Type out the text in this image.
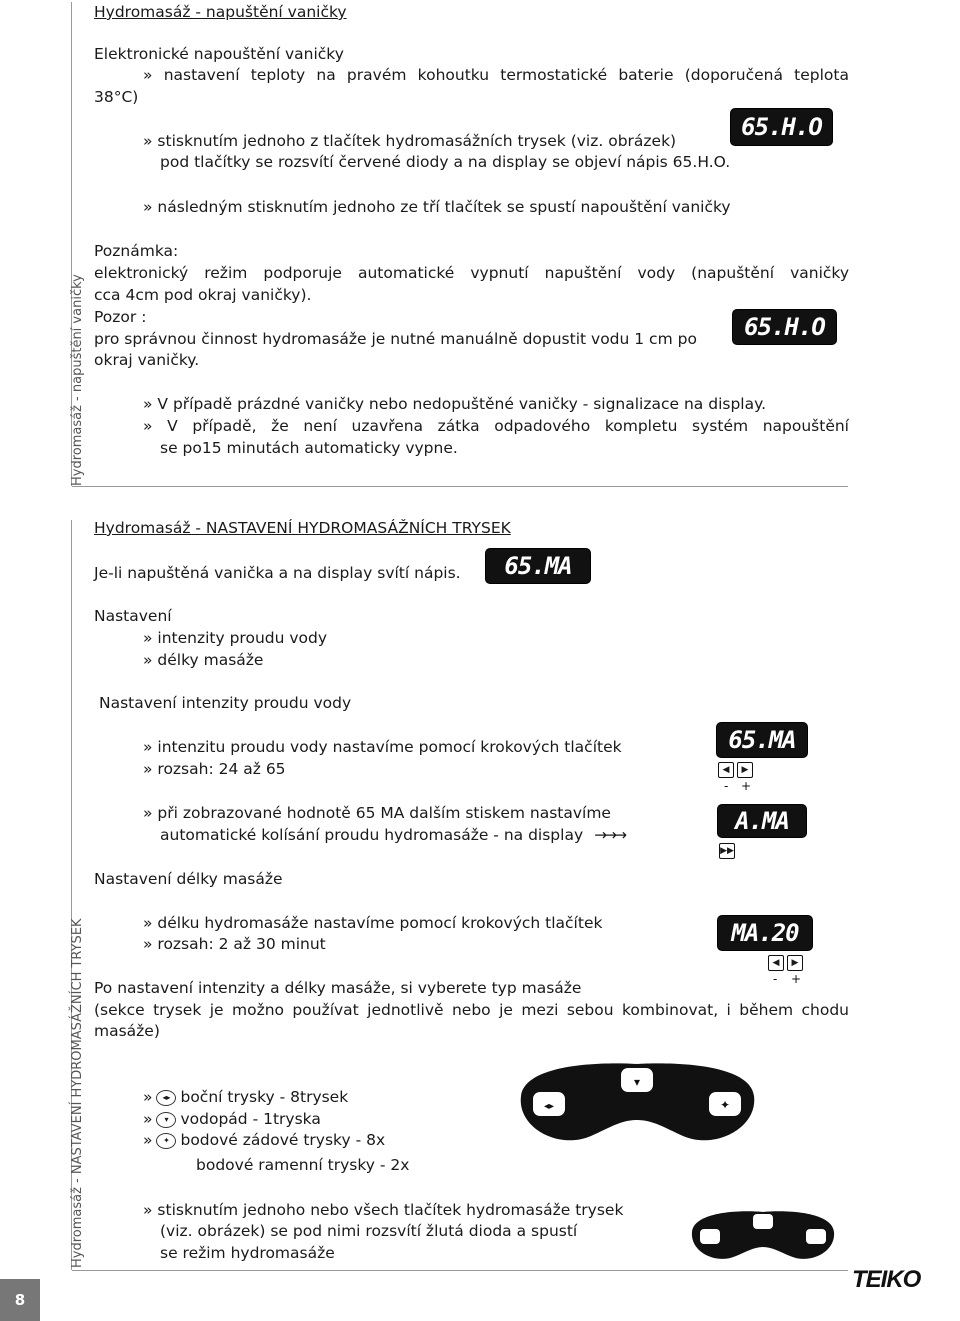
Hydromasáž - napuštění vaničky
Hydromasáž - NASTAVENÍ HYDROMASÁŽNÍCH TRYSEK
Hydromasáž - napuštění vaničky
Elektronické napouštění vaničky
» nastavení teploty na pravém kohoutku termostatické baterie (doporučená teplota
38°C)
» stisknutím jednoho z tlačítek hydromasážních trysek (viz. obrázek)
pod tlačítky se rozsvítí červené diody a na display se objeví nápis 65.H.O.
65.H.O
» následným stisknutím jednoho ze tří tlačítek se spustí napouštění vaničky
Poznámka:
elektronický režim podporuje automatické vypnutí napuštění vody (napuštění vaničky
cca 4cm pod okraj vaničky).
Pozor :
pro správnou činnost hydromasáže je nutné manuálně dopustit vodu 1 cm po
okraj vaničky.
65.H.O
» V případě prázdné vaničky nebo nedopuštěné vaničky - signalizace na display.
» V případě, že není uzavřena zátka odpadového kompletu systém napouštění
se po15 minutách automaticky vypne.
Hydromasáž - NASTAVENÍ HYDROMASÁŽNÍCH TRYSEK
Je-li napuštěná vanička a na display svítí nápis.	65.MA
Nastavení
» intenzity proudu vody
» délky masáže
Nastavení intenzity proudu vody
» intenzitu proudu vody nastavíme pomocí krokových tlačítek
» rozsah: 24 až 65
» při zobrazované hodnotě 65 MA dalším stiskem nastavíme
automatické kolísání proudu hydromasáže - na display →→→
65.MA
◀	▶
- +
A.MA
▶▶
Nastavení délky masáže
» délku hydromasáže nastavíme pomocí krokových tlačítek
» rozsah: 2 až 30 minut	MA.20
◀	▶
- +
Po nastavení intenzity a délky masáže, si vyberete typ masáže
(sekce trysek je možno používat jednotlivě nebo je mezi sebou kombinovat, i během chodu
masáže)
» ◂▸ boční trysky - 8trysek
» ▾ vodopád - 1tryska
» ✦ bodové zádové trysky - 8x
bodové ramenní trysky - 2x
▾
◂▸	✦
» stisknutím jednoho nebo všech tlačítek hydromasáže trysek
(viz. obrázek) se pod nimi rozsvítí žlutá dioda a spustí
se režim hydromasáže
TEIKO
8
